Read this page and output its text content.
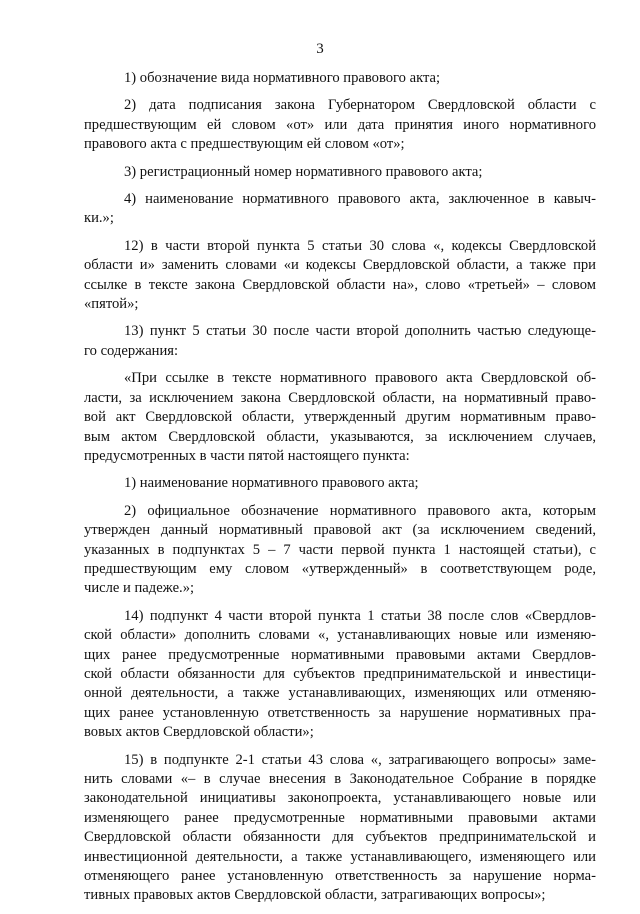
3

1) обозначение вида нормативного правового акта;

2) дата подписания закона Губернатором Свердловской области с
предшествующим ей словом «от» или дата принятия иного нормативного
правового акта с предшествующим ей словом «от»;

3) регистрационный номер нормативного правового акта;

4) наименование нормативного правового акта, заключенное в кавыч-
ки.»;

12) в части второй пункта 5 статьи 30 слова «, кодексы Свердловской
области и» заменить словами «и кодексы Свердловской области, а также при
ссылке в тексте закона Свердловской области на», слово «третьей» – словом
«пятой»;

13) пункт 5 статьи 30 после части второй дополнить частью следующе-
го содержания:

«При ссылке в тексте нормативного правового акта Свердловской об-
ласти, за исключением закона Свердловской области, на нормативный право-
вой акт Свердловской области, утвержденный другим нормативным право-
вым актом Свердловской области, указываются, за исключением случаев,
предусмотренных в части пятой настоящего пункта:

1) наименование нормативного правового акта;

2) официальное обозначение нормативного правового акта, которым
утвержден данный нормативный правовой акт (за исключением сведений,
указанных в подпунктах 5 – 7 части первой пункта 1 настоящей статьи), с
предшествующим ему словом «утвержденный» в соответствующем роде,
числе и падеже.»;

14) подпункт 4 части второй пункта 1 статьи 38 после слов «Свердлов-
ской области» дополнить словами «, устанавливающих новые или изменяю-
щих ранее предусмотренные нормативными правовыми актами Свердлов-
ской области обязанности для субъектов предпринимательской и инвестици-
онной деятельности, а также устанавливающих, изменяющих или отменяю-
щих ранее установленную ответственность за нарушение нормативных пра-
вовых актов Свердловской области»;

15) в подпункте 2-1 статьи 43 слова «, затрагивающего вопросы» заме-
нить словами «– в случае внесения в Законодательное Собрание в порядке
законодательной инициативы законопроекта, устанавливающего новые или
изменяющего ранее предусмотренные нормативными правовыми актами
Свердловской области обязанности для субъектов предпринимательской и
инвестиционной деятельности, а также устанавливающего, изменяющего или
отменяющего ранее установленную ответственность за нарушение норма-
тивных правовых актов Свердловской области, затрагивающих вопросы»;
